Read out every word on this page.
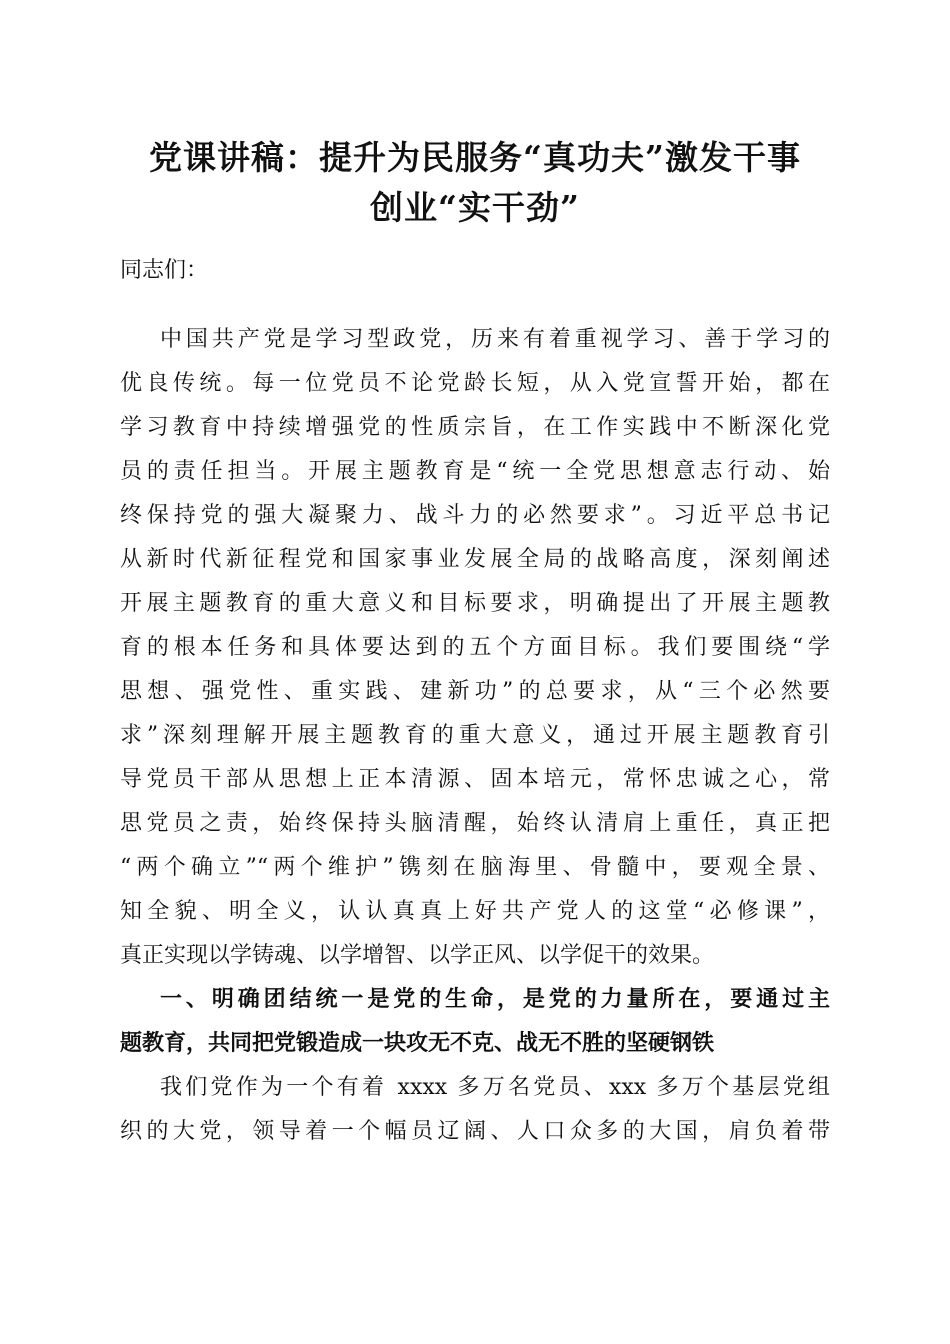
党课讲稿：提升为民服务“真功夫”激发干事
创业“实干劲”
同志们：
中国共产党是学习型政党，历来有着重视学习、善于学习的
优良传统。每一位党员不论党龄长短，从入党宣誓开始，都在
学习教育中持续增强党的性质宗旨，在工作实践中不断深化党
员的责任担当。开展主题教育是“统一全党思想意志行动、始
终保持党的强大凝聚力、战斗力的必然要求”。习近平总书记
从新时代新征程党和国家事业发展全局的战略高度，深刻阐述
开展主题教育的重大意义和目标要求，明确提出了开展主题教
育的根本任务和具体要达到的五个方面目标。我们要围绕“学
思想、强党性、重实践、建新功”的总要求，从“三个必然要
求”深刻理解开展主题教育的重大意义，通过开展主题教育引
导党员干部从思想上正本清源、固本培元，常怀忠诚之心，常
思党员之责，始终保持头脑清醒，始终认清肩上重任，真正把
“两个确立”“两个维护”镌刻在脑海里、骨髓中，要观全景、
知全貌、明全义，认认真真上好共产党人的这堂“必修课”，
真正实现以学铸魂、以学增智、以学正风、以学促干的效果。
一、明确团结统一是党的生命，是党的力量所在，要通过主
题教育，共同把党锻造成一块攻无不克、战无不胜的坚硬钢铁
我们党作为一个有着 xxxx 多万名党员、xxx 多万个基层党组
织的大党，领导着一个幅员辽阔、人口众多的大国，肩负着带
